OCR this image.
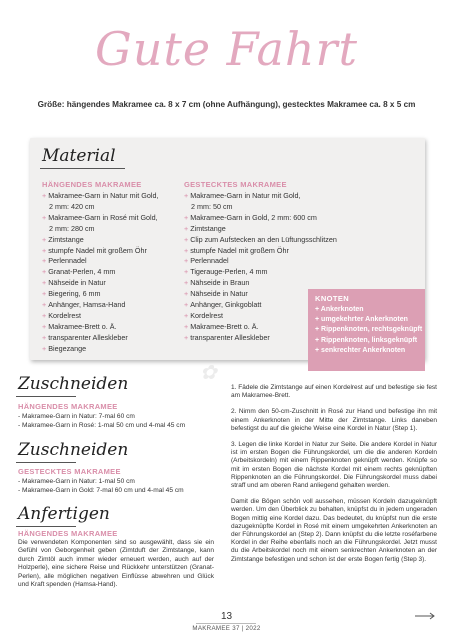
Gute Fahrt
Größe: hängendes Makramee ca. 8 x 7 cm (ohne Aufhängung), gestecktes Makramee ca. 8 x 5 cm
Material
HÄNGENDES MAKRAMEE
+ Makramee-Garn in Natur mit Gold,
2 mm: 420 cm
+ Makramee-Garn in Rosé mit Gold,
2 mm: 280 cm
+ Zimtstange
+ stumpfe Nadel mit großem Öhr
+ Perlennadel
+ Granat-Perlen, 4 mm
+ Nähseide in Natur
+ Biegering, 6 mm
+ Anhänger, Hamsa-Hand
+ Kordelrest
+ Makramee-Brett o. Ä.
+ transparenter Alleskleber
+ Biegezange
GESTECKTES MAKRAMEE
+ Makramee-Garn in Natur mit Gold,
2 mm: 50 cm
+ Makramee-Garn in Gold, 2 mm: 600 cm
+ Zimtstange
+ Clip zum Aufstecken an den Lüftungsschlitzen
+ stumpfe Nadel mit großem Öhr
+ Perlennadel
+ Tigerauge-Perlen, 4 mm
+ Nähseide in Braun
+ Nähseide in Natur
+ Anhänger, Ginkgoblatt
+ Kordelrest
+ Makramee-Brett o. Ä.
+ transparenter Alleskleber
KNOTEN
+ Ankerknoten
+ umgekehrter Ankerknoten
+ Rippenknoten, rechtsgeknüpft
+ Rippenknoten, linksgeknüpft
+ senkrechter Ankerknoten
✿
Zuschneiden
HÄNGENDES MAKRAMEE
- Makramee-Garn in Natur: 7-mal 60 cm
- Makramee-Garn in Rosé: 1-mal 50 cm und 4-mal 45 cm
Zuschneiden
GESTECKTES MAKRAMEE
- Makramee-Garn in Natur: 1-mal 50 cm
- Makramee-Garn in Gold: 7-mal 60 cm und 4-mal 45 cm
Anfertigen
HÄNGENDES MAKRAMEE
Die verwendeten Komponenten sind so ausgewählt, dass sie ein Gefühl von Geborgenheit geben (Zimtduft der Zimtstange, kann durch Zimtöl auch immer wieder erneuert werden, auch auf der Holzperle), eine sichere Reise und Rückkehr unterstützen (Granat-Perlen), alle möglichen negativen Einflüsse abwehren und Glück und Kraft spenden (Hamsa-Hand).

1. Fädele die Zimtstange auf einen Kordelrest auf und befestige sie fest am Makramee-Brett.

2. Nimm den 50-cm-Zuschnitt in Rosé zur Hand und befestige ihn mit einem Ankerknoten in der Mitte der Zimtstange. Links daneben befestigst du auf die gleiche Weise eine Kordel in Natur (Step 1).

3. Legen die linke Kordel in Natur zur Seite. Die andere Kordel in Natur ist im ersten Bogen die Führungskordel, um die die anderen Kordeln (Arbeitskordeln) mit einem Rippenknoten geknüpft werden. Knüpfe so mit im ersten Bogen die nächste Kordel mit einem rechts geknüpften Rippenknoten an die Führungskordel. Die Führungskordel muss dabei straff und am oberen Rand anliegend gehalten werden.

Damit die Bögen schön voll aussehen, müssen Kordeln dazugeknüpft werden. Um den Überblick zu behalten, knüpfst du in jedem ungeraden Bogen mittig eine Kordel dazu. Das bedeutet, du knüpfst nun die erste dazugeknüpfte Kordel in Rosé mit einem umgekehrten Ankerknoten an der Führungskordel an (Step 2). Dann knüpfst du die letzte roséfarbene Kordel in der Reihe ebenfalls noch an die Führungskordel. Jetzt musst du die Arbeitskordel noch mit einem senkrechten Ankerknoten an der Zimtstange befestigen und schon ist der erste Bogen fertig (Step 3).

13
MAKRAMEE 37 | 2022
